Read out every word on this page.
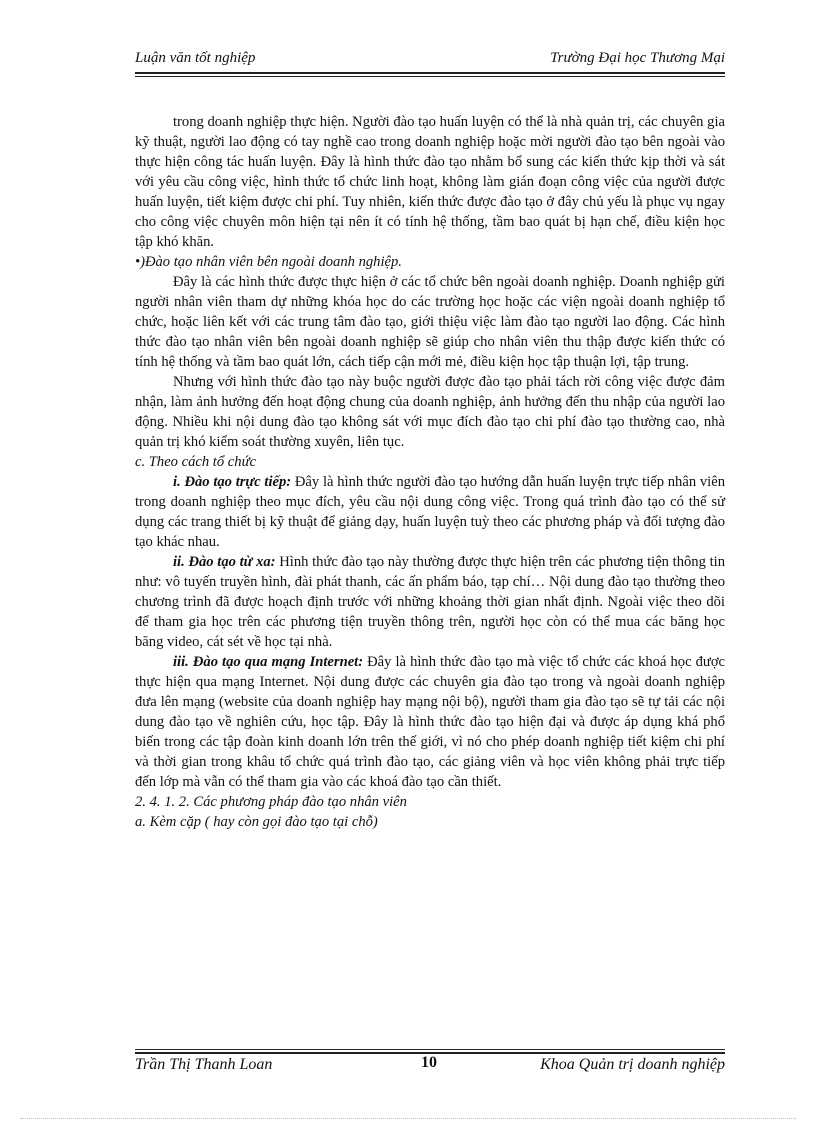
Luận văn tốt nghiệp	Trường Đại học Thương Mại

trong doanh nghiệp thực hiện. Người đào tạo huấn luyện có thể là nhà quản trị, các chuyên gia kỹ thuật, người lao động có tay nghề cao trong doanh nghiệp hoặc mời người đào tạo bên ngoài vào thực hiện công tác huấn luyện. Đây là hình thức đào tạo nhằm bổ sung các kiến thức kịp thời và sát với yêu cầu công việc, hình thức tổ chức linh hoạt, không làm gián đoạn công việc của người được huấn luyện, tiết kiệm được chi phí. Tuy nhiên, kiến thức được đào tạo ở đây chủ yếu là phục vụ ngay cho công việc chuyên môn hiện tại nên ít có tính hệ thống, tầm bao quát bị hạn chế, điều kiện học tập khó khăn.

•)Đào tạo nhân viên bên ngoài doanh nghiệp.

Đây là các hình thức được thực hiện ở các tổ chức bên ngoài doanh nghiệp. Doanh nghiệp gửi người nhân viên tham dự những khóa học do các trường học hoặc các viện ngoài doanh nghiệp tổ chức, hoặc liên kết với các trung tâm đào tạo, giới thiệu việc làm đào tạo người lao động. Các hình thức đào tạo nhân viên bên ngoài doanh nghiệp sẽ giúp cho nhân viên thu thập được kiến thức có tính hệ thống và tầm bao quát lớn, cách tiếp cận mới mẻ, điều kiện học tập thuận lợi, tập trung.

Nhưng với hình thức đào tạo này buộc người được đào tạo phải tách rời công việc được đảm nhận, làm ảnh hưởng đến hoạt động chung của doanh nghiệp, ảnh hưởng đến thu nhập của người lao động. Nhiều khi nội dung đào tạo không sát với mục đích đào tạo chi phí đào tạo thường cao, nhà quản trị khó kiểm soát thường xuyên, liên tục.

c. Theo cách tổ chức

i. Đào tạo trực tiếp: Đây là hình thức người đào tạo hướng dẫn huấn luyện trực tiếp nhân viên trong doanh nghiệp theo mục đích, yêu cầu nội dung công việc. Trong quá trình đào tạo có thể sử dụng các trang thiết bị kỹ thuật để giảng dạy, huấn luyện tuỳ theo các phương pháp và đối tượng đào tạo khác nhau.

ii. Đào tạo từ xa: Hình thức đào tạo này thường được thực hiện trên các phương tiện thông tin như: vô tuyến truyền hình, đài phát thanh, các ấn phẩm báo, tạp chí… Nội dung đào tạo thường theo chương trình đã được hoạch định trước với những khoảng thời gian nhất định. Ngoài việc theo dõi để tham gia học trên các phương tiện truyền thông trên, người học còn có thể mua các băng học băng video, cát sét về học tại nhà.

iii. Đào tạo qua mạng Internet: Đây là hình thức đào tạo mà việc tổ chức các khoá học được thực hiện qua mạng Internet. Nội dung được các chuyên gia đào tạo trong và ngoài doanh nghiệp đưa lên mạng (website của doanh nghiệp hay mạng nội bộ), người tham gia đào tạo sẽ tự tải các nội dung đào tạo về nghiên cứu, học tập. Đây là hình thức đào tạo hiện đại và được áp dụng khá phổ biến trong các tập đoàn kinh doanh lớn trên thế giới, vì nó cho phép doanh nghiệp tiết kiệm chi phí và thời gian trong khâu tổ chức quá trình đào tạo, các giảng viên và học viên không phải trực tiếp đến lớp mà vẫn có thể tham gia vào các khoá đào tạo cần thiết.

2. 4. 1. 2. Các phương pháp đào tạo nhân viên

a. Kèm cặp ( hay còn gọi đào tạo tại chỗ)

Trần Thị Thanh Loan	10	Khoa Quản trị doanh nghiệp
